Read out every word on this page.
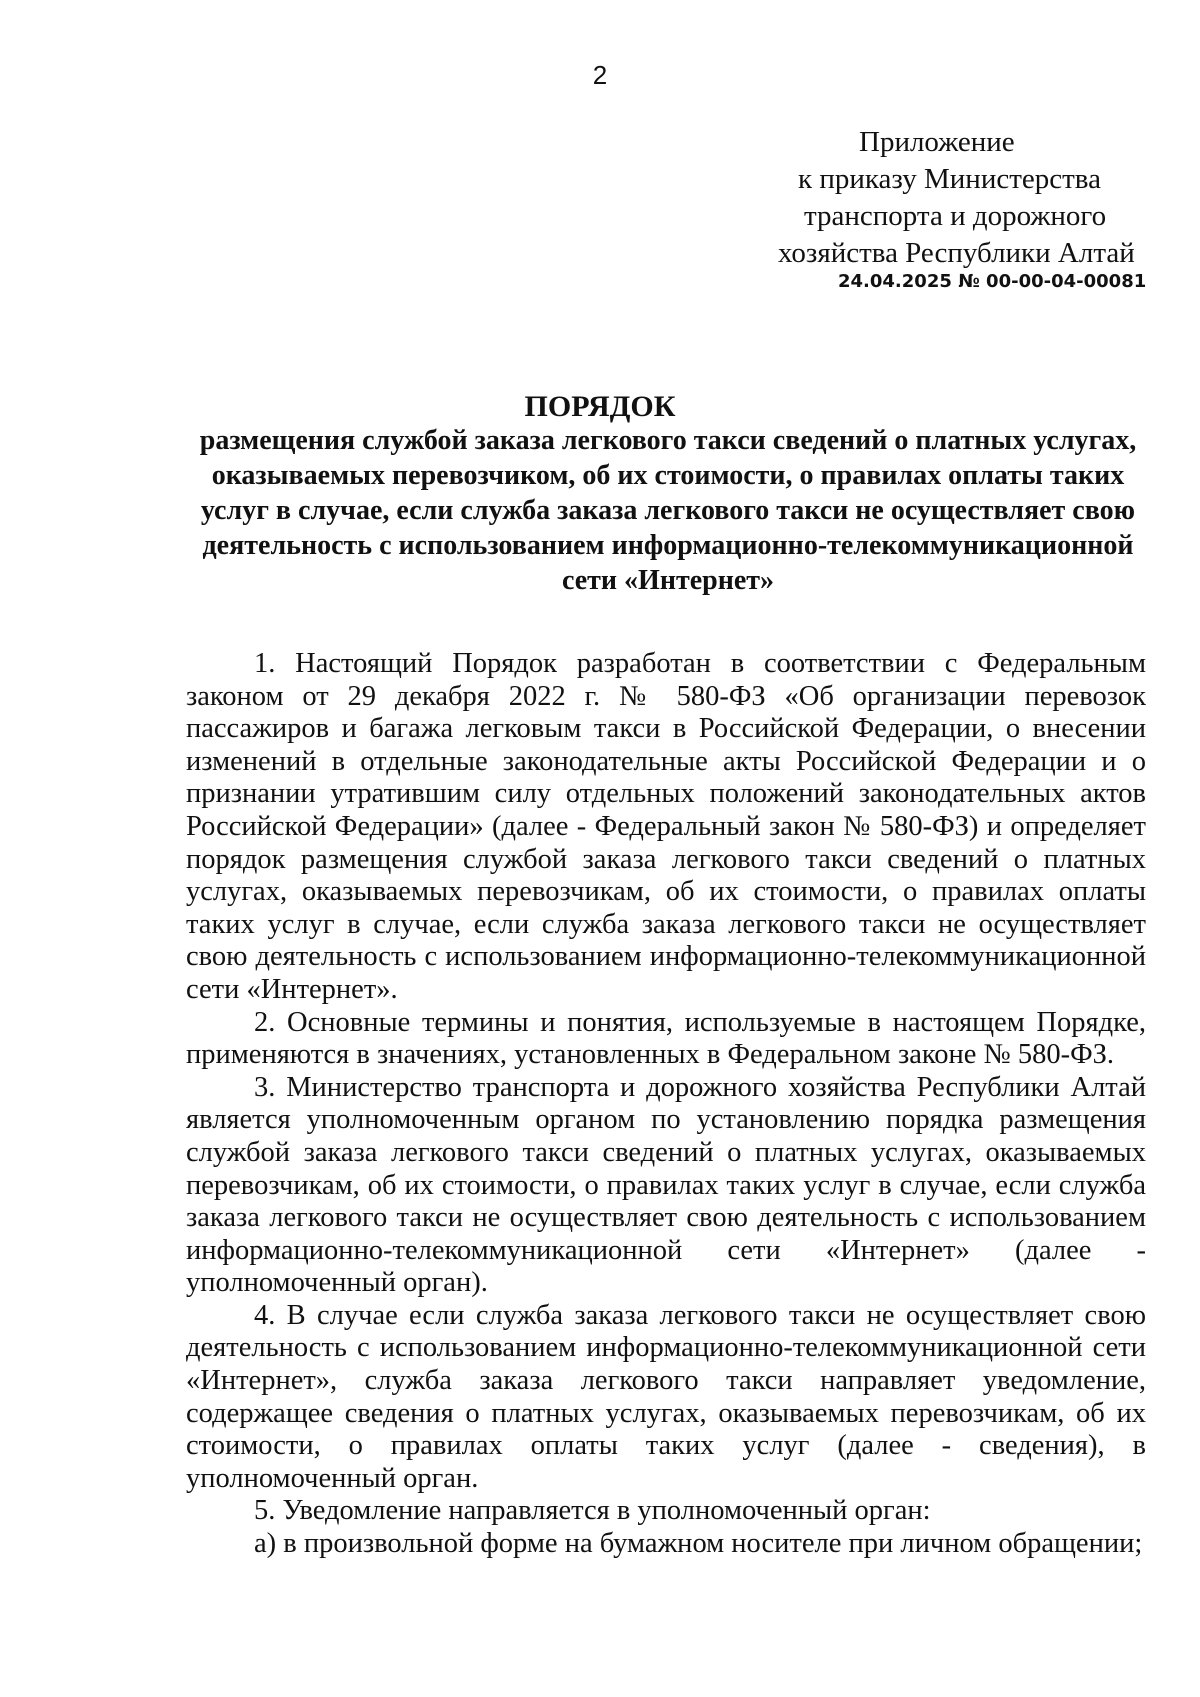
2
Приложение
к приказу Министерства
транспорта и дорожного
хозяйства Республики Алтай
24.04.2025 № 00-00-04-00081
ПОРЯДОК
размещения службой заказа легкового такси сведений о платных услугах, оказываемых перевозчиком, об их стоимости, о правилах оплаты таких услуг в случае, если служба заказа легкового такси не осуществляет свою деятельность с использованием информационно-телекоммуникационной сети «Интернет»

1. Настоящий Порядок разработан в соответствии с Федеральным законом от 29 декабря 2022 г. № 580-ФЗ «Об организации перевозок пассажиров и багажа легковым такси в Российской Федерации, о внесении изменений в отдельные законодательные акты Российской Федерации и о признании утратившим силу отдельных положений законодательных актов Российской Федерации» (далее - Федеральный закон № 580-ФЗ) и определяет порядок размещения службой заказа легкового такси сведений о платных услугах, оказываемых перевозчикам, об их стоимости, о правилах оплаты таких услуг в случае, если служба заказа легкового такси не осуществляет свою деятельность с использованием информационно-телекоммуникационной сети «Интернет».

2. Основные термины и понятия, используемые в настоящем Порядке, применяются в значениях, установленных в Федеральном законе № 580-ФЗ.

3. Министерство транспорта и дорожного хозяйства Республики Алтай является уполномоченным органом по установлению порядка размещения службой заказа легкового такси сведений о платных услугах, оказываемых перевозчикам, об их стоимости, о правилах таких услуг в случае, если служба заказа легкового такси не осуществляет свою деятельность с использованием информационно-телекоммуникационной сети «Интернет» (далее - уполномоченный орган).

4. В случае если служба заказа легкового такси не осуществляет свою деятельность с использованием информационно-телекоммуникационной сети «Интернет», служба заказа легкового такси направляет уведомление, содержащее сведения о платных услугах, оказываемых перевозчикам, об их стоимости, о правилах оплаты таких услуг (далее - сведения), в уполномоченный орган.

5. Уведомление направляется в уполномоченный орган:

а) в произвольной форме на бумажном носителе при личном обращении;
